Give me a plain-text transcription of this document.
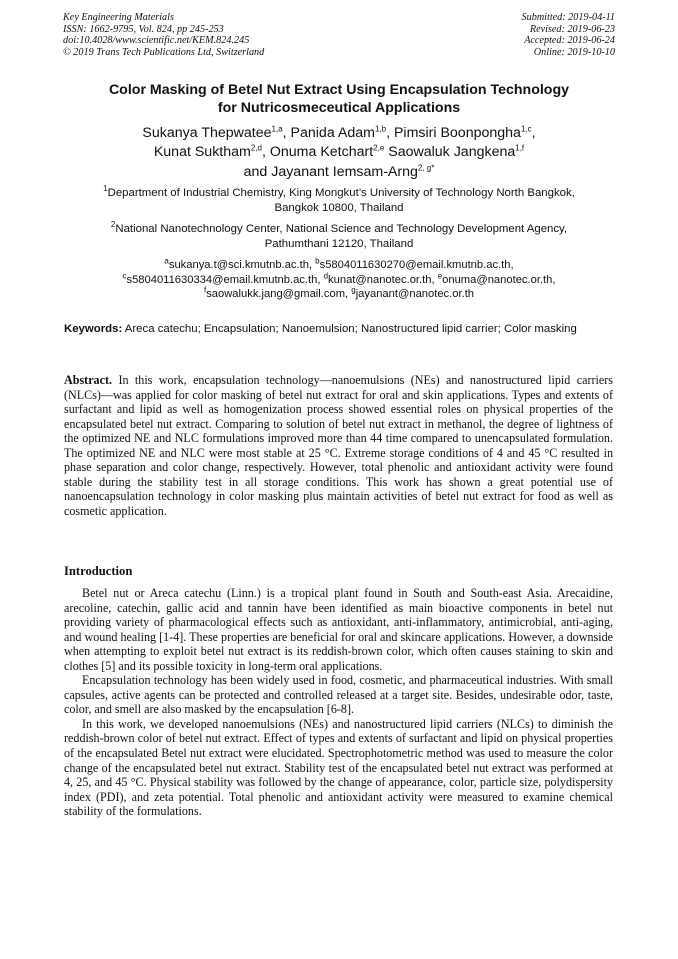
Key Engineering Materials
ISSN: 1662-9795, Vol. 824, pp 245-253
doi:10.4028/www.scientific.net/KEM.824.245
© 2019 Trans Tech Publications Ltd, Switzerland
Submitted: 2019-04-11
Revised: 2019-06-23
Accepted: 2019-06-24
Online: 2019-10-10
Color Masking of Betel Nut Extract Using Encapsulation Technology
for Nutricosmeceutical Applications
Sukanya Thepwatee$^{1,a}$, Panida Adam$^{1,b}$, Pimsiri Boonpongha$^{1,c}$,
Kunat Suktham$^{2,d}$, Onuma Ketchart$^{2,e}$ Saowaluk Jangkena$^{1,f}$
and Jayanant Iemsam-Arng$^{2, g*}$
$^1$Department of Industrial Chemistry, King Mongkut’s University of Technology North Bangkok,
Bangkok 10800, Thailand
$^2$National Nanotechnology Center, National Science and Technology Development Agency,
Pathumthani 12120, Thailand
$^a$sukanya.t@sci.kmutnb.ac.th, $^b$s5804011630270@email.kmutnb.ac.th,
$^c$s5804011630334@email.kmutnb.ac.th, $^d$kunat@nanotec.or.th, $^e$onuma@nanotec.or.th,
$^f$saowalukk.jang@gmail.com, $^g$jayanant@nanotec.or.th
Keywords: Areca catechu; Encapsulation; Nanoemulsion; Nanostructured lipid carrier; Color masking
Abstract. In this work, encapsulation technology—nanoemulsions (NEs) and nanostructured lipid carriers (NLCs)—was applied for color masking of betel nut extract for oral and skin applications. Types and extents of surfactant and lipid as well as homogenization process showed essential roles on physical properties of the encapsulated betel nut extract. Comparing to solution of betel nut extract in methanol, the degree of lightness of the optimized NE and NLC formulations improved more than 44 time compared to unencapsulated formulation. The optimized NE and NLC were most stable at 25 °C. Extreme storage conditions of 4 and 45 °C resulted in phase separation and color change, respectively. However, total phenolic and antioxidant activity were found stable during the stability test in all storage conditions. This work has shown a great potential use of nanoencapsulation technology in color masking plus maintain activities of betel nut extract for food as well as cosmetic application.
Introduction

Betel nut or Areca catechu (Linn.) is a tropical plant found in South and South-east Asia. Arecaidine, arecoline, catechin, gallic acid and tannin have been identified as main bioactive components in betel nut providing variety of pharmacological effects such as antioxidant, anti-inflammatory, antimicrobial, anti-aging, and wound healing [1-4]. These properties are beneficial for oral and skincare applications. However, a downside when attempting to exploit betel nut extract is its reddish-brown color, which often causes staining to skin and clothes [5] and its possible toxicity in long-term oral applications.

Encapsulation technology has been widely used in food, cosmetic, and pharmaceutical industries. With small capsules, active agents can be protected and controlled released at a target site. Besides, undesirable odor, taste, color, and smell are also masked by the encapsulation [6-8].

In this work, we developed nanoemulsions (NEs) and nanostructured lipid carriers (NLCs) to diminish the reddish-brown color of betel nut extract. Effect of types and extents of surfactant and lipid on physical properties of the encapsulated Betel nut extract were elucidated. Spectrophotometric method was used to measure the color change of the encapsulated betel nut extract. Stability test of the encapsulated betel nut extract was performed at 4, 25, and 45 °C. Physical stability was followed by the change of appearance, color, particle size, polydispersity index (PDI), and zeta potential. Total phenolic and antioxidant activity were measured to examine chemical stability of the formulations.
